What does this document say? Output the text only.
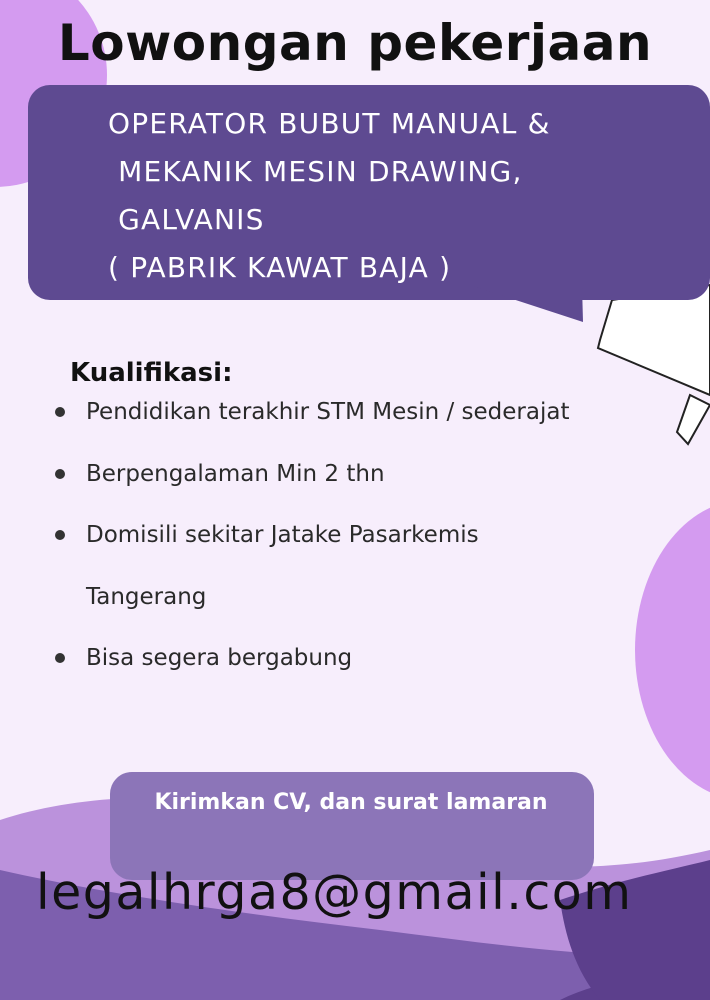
Lowongan pekerjaan
OPERATOR BUBUT MANUAL &
MEKANIK MESIN DRAWING,
GALVANIS
( PABRIK KAWAT BAJA )
Kualifikasi:
Pendidikan terakhir STM Mesin / sederajat
Berpengalaman Min 2 thn
Domisili sekitar Jatake Pasarkemis Tangerang
Bisa segera bergabung
Kirimkan CV, dan surat lamaran
legalhrga8@gmail.com
